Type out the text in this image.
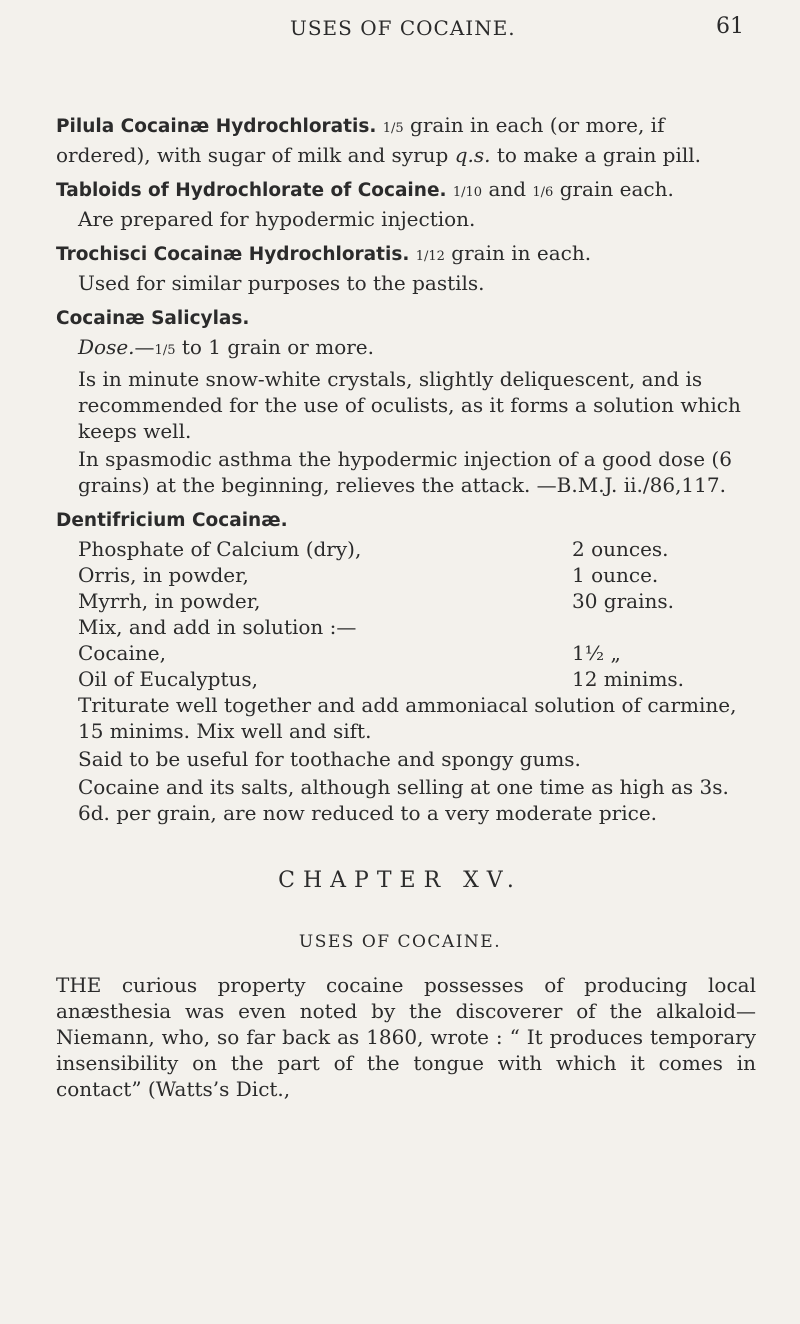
USES OF COCAINE.	61

Pilula Cocainæ Hydrochloratis. 1/5 grain in each (or more, if ordered), with sugar of milk and syrup q.s. to make a grain pill.

Tabloids of Hydrochlorate of Cocaine. 1/10 and 1/6 grain each.

Are prepared for hypodermic injection.

Trochisci Cocainæ Hydrochloratis. 1/12 grain in each.

Used for similar purposes to the pastils.

Cocainæ Salicylas.

Dose.—1/5 to 1 grain or more.

Is in minute snow-white crystals, slightly deliquescent, and is recommended for the use of oculists, as it forms a solution which keeps well.

In spasmodic asthma the hypodermic injection of a good dose (6 grains) at the beginning, relieves the attack. —B.M.J. ii./86,117.

Dentifricium Cocainæ.

Phosphate of Calcium (dry),	2 ounces.
Orris, in powder,	1 ounce.
Myrrh, in powder,	30 grains.

Mix, and add in solution :—

Cocaine,	1½ „
Oil of Eucalyptus,	12 minims.

Triturate well together and add ammoniacal solution of carmine, 15 minims. Mix well and sift.

Said to be useful for toothache and spongy gums.

Cocaine and its salts, although selling at one time as high as 3s. 6d. per grain, are now reduced to a very moderate price.

CHAPTER XV.
USES OF COCAINE.

THE curious property cocaine possesses of producing local anæsthesia was even noted by the discoverer of the alkaloid—Niemann, who, so far back as 1860, wrote : “ It produces temporary insensibility on the part of the tongue with which it comes in contact” (Watts’s Dict.,
